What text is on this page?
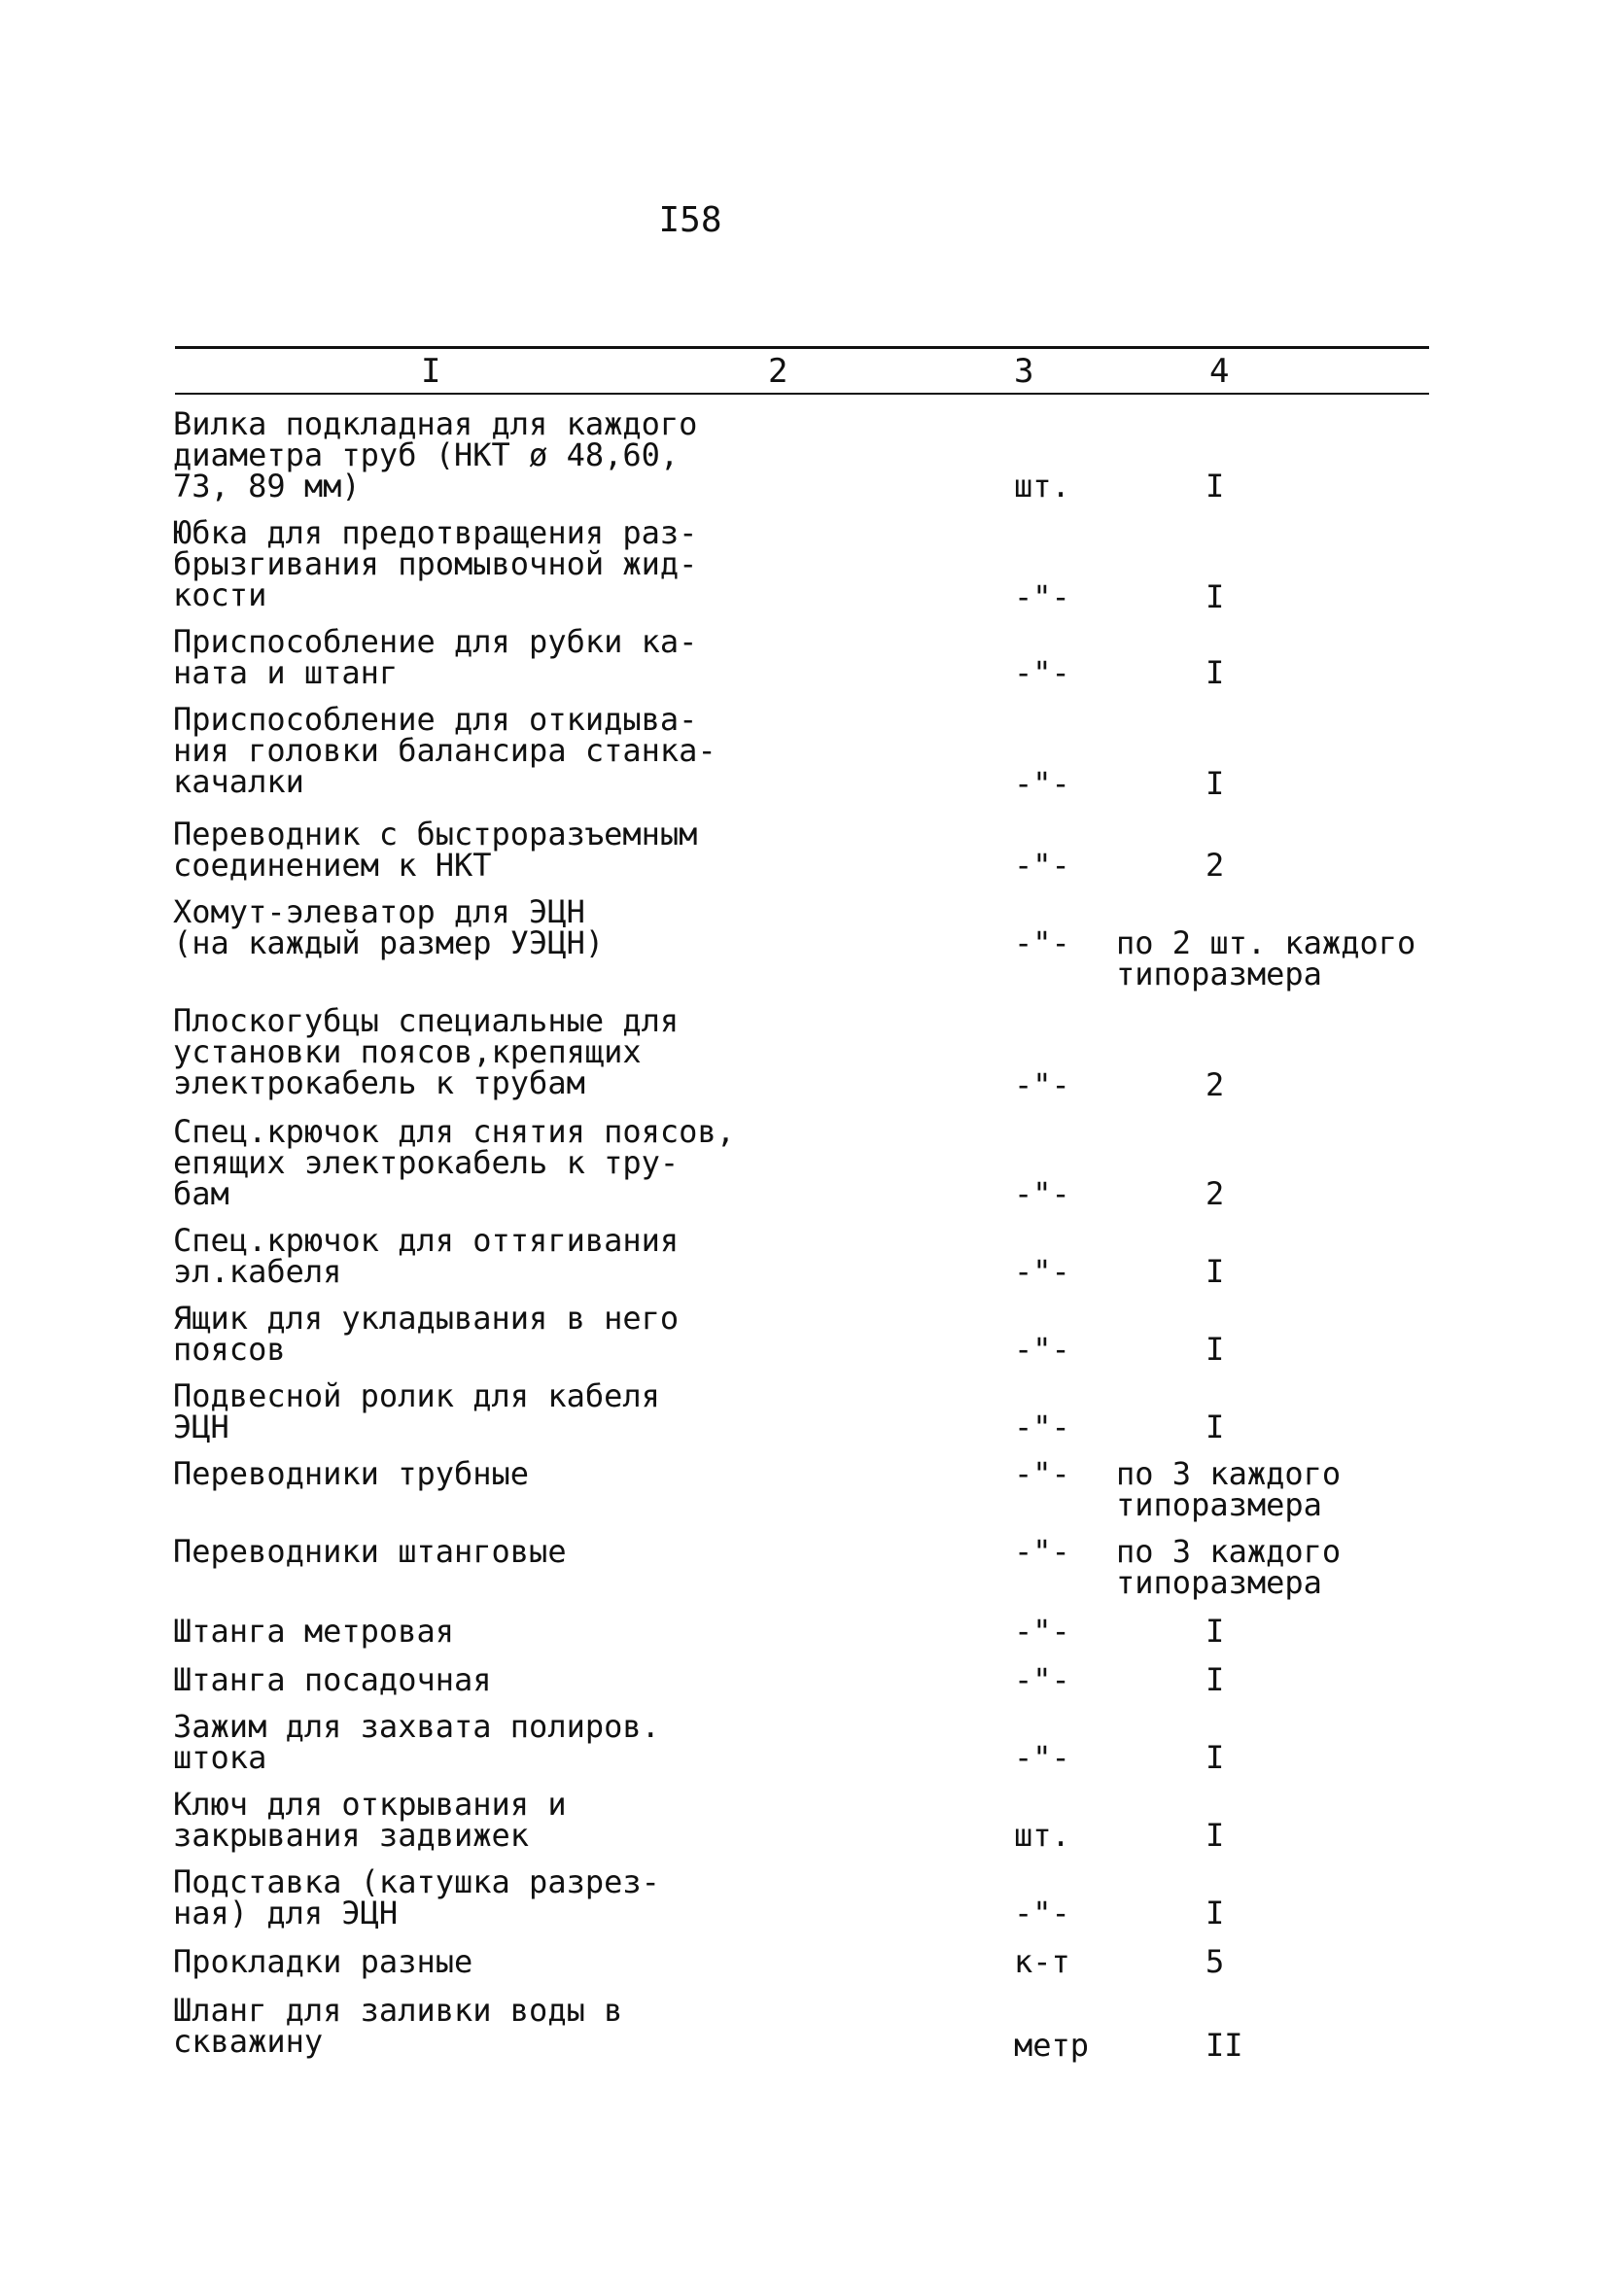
I58
I	2	3	4
Вилка подкладная для каждого
диаметра труб (НКТ ø 48,60,
73, 89 мм)	шт.	I
Юбка для предотвращения раз-
брызгивания промывочной жид-
кости	-"-	I
Приспособление для рубки ка-
ната и штанг	-"-	I
Приспособление для откидыва-
ния головки балансира станка-
качалки	-"-	I
Переводник с быстроразъемным
соединением к НКТ	-"-	2
Хомут-элеватор для ЭЦН
(на каждый размер УЭЦН)	-"- по 2 шт. каждого
типоразмера
Плоскогубцы специальные для
установки поясов,крепящих
электрокабель к трубам	-"-	2
Спец.крючок для снятия поясов,
епящих электрокабель к тру-
бам	-"-	2
Спец.крючок для оттягивания
эл.кабеля	-"-	I
Ящик для укладывания в него
поясов	-"-	I
Подвесной ролик для кабеля
ЭЦН	-"-	I
Переводники трубные	-"- по 3 каждого
типоразмера
Переводники штанговые	-"- по 3 каждого
типоразмера
Штанга метровая	-"-	I
Штанга посадочная	-"-	I
Зажим для захвата полиров.
штока	-"-	I
Ключ для открывания и
закрывания задвижек	шт.	I
Подставка (катушка разрез-
ная) для ЭЦН	-"-	I
Прокладки разные	к-т	5
Шланг для заливки воды в
скважину	метр	II
